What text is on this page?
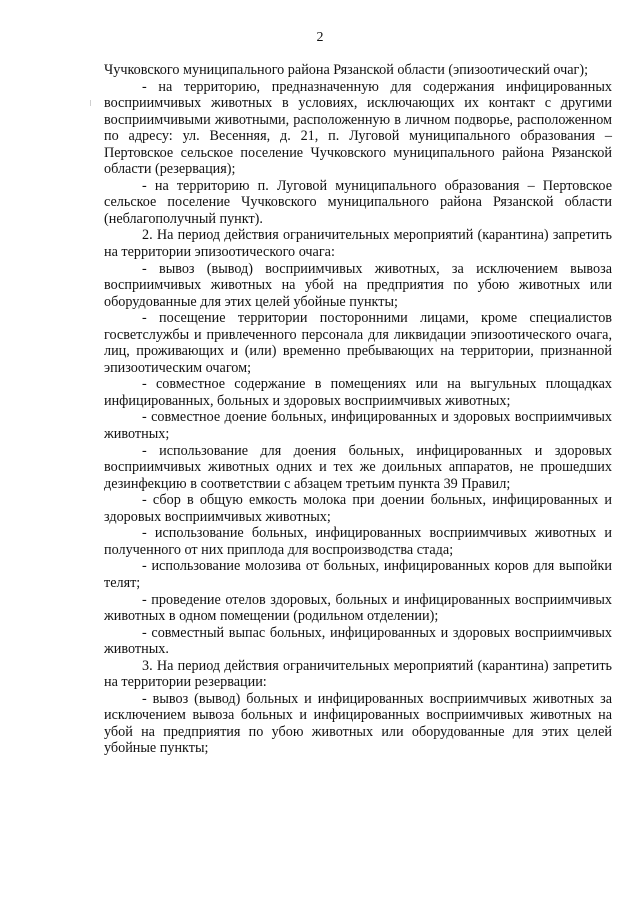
2

Чучковского муниципального района Рязанской области (эпизоотический очаг);

- на территорию, предназначенную для содержания инфицированных восприимчивых животных в условиях, исключающих их контакт с другими восприимчивыми животными, расположенную в личном подворье, расположенном по адресу: ул. Весенняя, д. 21, п. Луговой муниципального образования – Пертовское сельское поселение Чучковского муниципального района Рязанской области (резервация);

- на территорию п. Луговой муниципального образования – Пертовское сельское поселение Чучковского муниципального района Рязанской области (неблагополучный пункт).

2. На период действия ограничительных мероприятий (карантина) запретить на территории эпизоотического очага:

- вывоз (вывод) восприимчивых животных, за исключением вывоза восприимчивых животных на убой на предприятия по убою животных или оборудованные для этих целей убойные пункты;

- посещение территории посторонними лицами, кроме специалистов госветслужбы и привлеченного персонала для ликвидации эпизоотического очага, лиц, проживающих и (или) временно пребывающих на территории, признанной эпизоотическим очагом;

- совместное содержание в помещениях или на выгульных площадках инфицированных, больных и здоровых восприимчивых животных;

- совместное доение больных, инфицированных и здоровых восприимчивых животных;

- использование для доения больных, инфицированных и здоровых восприимчивых животных одних и тех же доильных аппаратов, не прошедших дезинфекцию в соответствии с абзацем третьим пункта 39 Правил;

- сбор в общую емкость молока при доении больных, инфицированных и здоровых восприимчивых животных;

- использование больных, инфицированных восприимчивых животных и полученного от них приплода для воспроизводства стада;

- использование молозива от больных, инфицированных коров для выпойки телят;

- проведение отелов здоровых, больных и инфицированных восприимчивых животных в одном помещении (родильном отделении);

- совместный выпас больных, инфицированных и здоровых восприимчивых животных.

3. На период действия ограничительных мероприятий (карантина) запретить на территории резервации:

- вывоз (вывод) больных и инфицированных восприимчивых животных за исключением вывоза больных и инфицированных восприимчивых животных на убой на предприятия по убою животных или оборудованные для этих целей убойные пункты;
